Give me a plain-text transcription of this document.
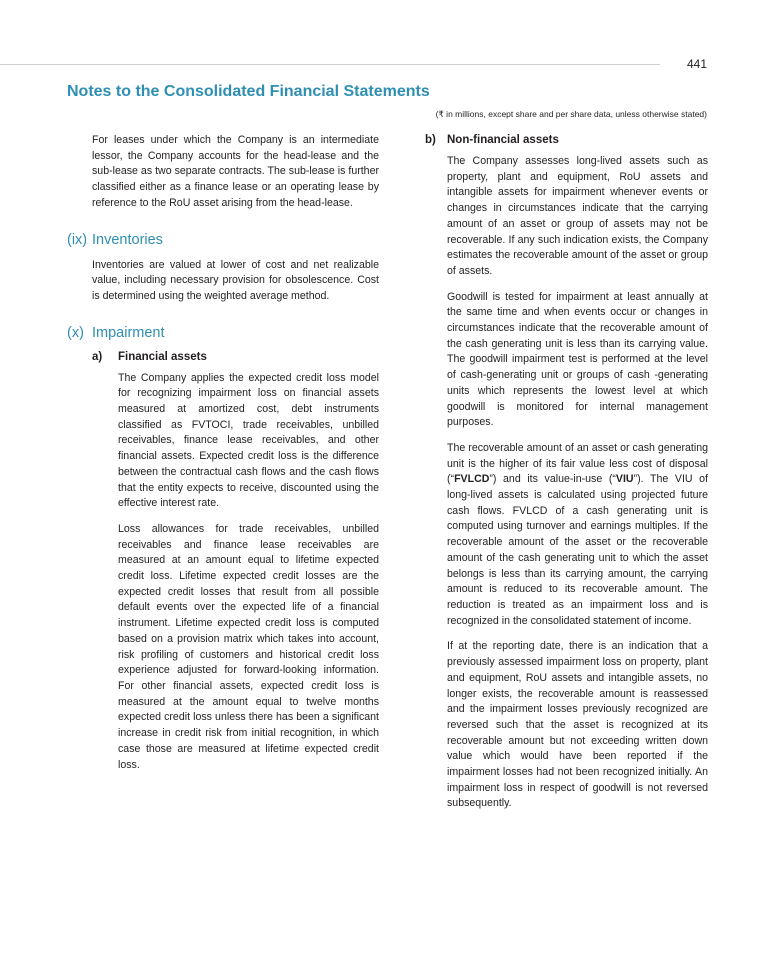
441
Notes to the Consolidated Financial Statements
(₹ in millions, except share and per share data, unless otherwise stated)

For leases under which the Company is an intermediate lessor, the Company accounts for the head-lease and the sub-lease as two separate contracts. The sub-lease is further classified either as a finance lease or an operating lease by reference to the RoU asset arising from the head-lease.

(ix) Inventories

Inventories are valued at lower of cost and net realizable value, including necessary provision for obsolescence. Cost is determined using the weighted average method.

(x) Impairment
a)	Financial assets

The Company applies the expected credit loss model for recognizing impairment loss on financial assets measured at amortized cost, debt instruments classified as FVTOCI, trade receivables, unbilled receivables, finance lease receivables, and other financial assets. Expected credit loss is the difference between the contractual cash flows and the cash flows that the entity expects to receive, discounted using the effective interest rate.

Loss allowances for trade receivables, unbilled receivables and finance lease receivables are measured at an amount equal to lifetime expected credit loss. Lifetime expected credit losses are the expected credit losses that result from all possible default events over the expected life of a financial instrument. Lifetime expected credit loss is computed based on a provision matrix which takes into account, risk profiling of customers and historical credit loss experience adjusted for forward-looking information. For other financial assets, expected credit loss is measured at the amount equal to twelve months expected credit loss unless there has been a significant increase in credit risk from initial recognition, in which case those are measured at lifetime expected credit loss.

b) Non-financial assets

The Company assesses long-lived assets such as property, plant and equipment, RoU assets and intangible assets for impairment whenever events or changes in circumstances indicate that the carrying amount of an asset or group of assets may not be recoverable. If any such indication exists, the Company estimates the recoverable amount of the asset or group of assets.

Goodwill is tested for impairment at least annually at the same time and when events occur or changes in circumstances indicate that the recoverable amount of the cash generating unit is less than its carrying value. The goodwill impairment test is performed at the level of cash-generating unit or groups of cash -generating units which represents the lowest level at which goodwill is monitored for internal management purposes.

The recoverable amount of an asset or cash generating unit is the higher of its fair value less cost of disposal (“FVLCD”) and its value-in-use (“VIU”). The VIU of long-lived assets is calculated using projected future cash flows. FVLCD of a cash generating unit is computed using turnover and earnings multiples. If the recoverable amount of the asset or the recoverable amount of the cash generating unit to which the asset belongs is less than its carrying amount, the carrying amount is reduced to its recoverable amount. The reduction is treated as an impairment loss and is recognized in the consolidated statement of income.

If at the reporting date, there is an indication that a previously assessed impairment loss on property, plant and equipment, RoU assets and intangible assets, no longer exists, the recoverable amount is reassessed and the impairment losses previously recognized are reversed such that the asset is recognized at its recoverable amount but not exceeding written down value which would have been reported if the impairment losses had not been recognized initially. An impairment loss in respect of goodwill is not reversed subsequently.
